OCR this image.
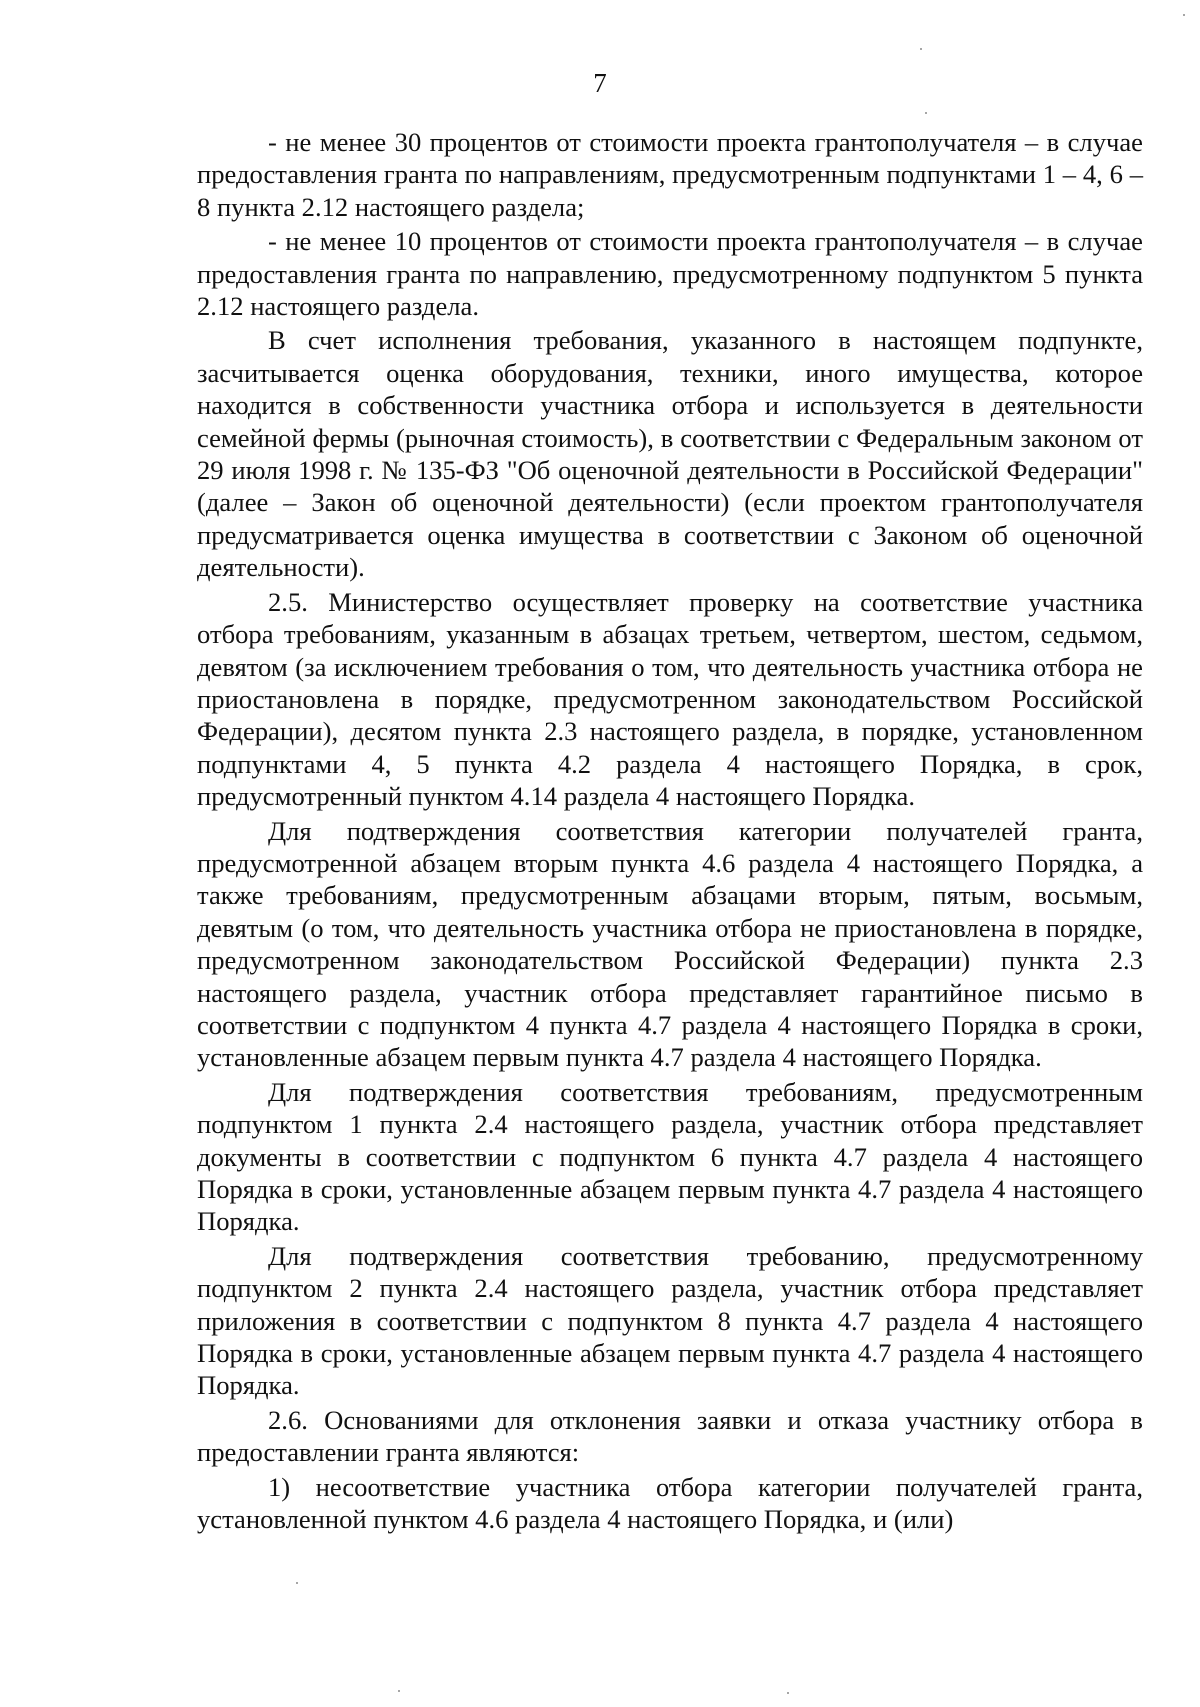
7

- не менее 30 процентов от стоимости проекта грантополучателя – в случае предоставления гранта по направлениям, предусмотренным подпунктами 1 – 4, 6 – 8 пункта 2.12 настоящего раздела;

- не менее 10 процентов от стоимости проекта грантополучателя – в случае предоставления гранта по направлению, предусмотренному подпунктом 5 пункта 2.12 настоящего раздела.

В счет исполнения требования, указанного в настоящем подпункте, засчитывается оценка оборудования, техники, иного имущества, которое находится в собственности участника отбора и используется в деятельности семейной фермы (рыночная стоимость), в соответствии с Федеральным законом от 29 июля 1998 г. № 135-ФЗ "Об оценочной деятельности в Российской Федерации" (далее – Закон об оценочной деятельности) (если проектом грантополучателя предусматривается оценка имущества в соответствии с Законом об оценочной деятельности).

2.5. Министерство осуществляет проверку на соответствие участника отбора требованиям, указанным в абзацах третьем, четвертом, шестом, седьмом, девятом (за исключением требования о том, что деятельность участника отбора не приостановлена в порядке, предусмотренном законодательством Российской Федерации), десятом пункта 2.3 настоящего раздела, в порядке, установленном подпунктами 4, 5 пункта 4.2 раздела 4 настоящего Порядка, в срок, предусмотренный пунктом 4.14 раздела 4 настоящего Порядка.

Для подтверждения соответствия категории получателей гранта, предусмотренной абзацем вторым пункта 4.6 раздела 4 настоящего Порядка, а также требованиям, предусмотренным абзацами вторым, пятым, восьмым, девятым (о том, что деятельность участника отбора не приостановлена в порядке, предусмотренном законодательством Российской Федерации) пункта 2.3 настоящего раздела, участник отбора представляет гарантийное письмо в соответствии с подпунктом 4 пункта 4.7 раздела 4 настоящего Порядка в сроки, установленные абзацем первым пункта 4.7 раздела 4 настоящего Порядка.

Для подтверждения соответствия требованиям, предусмотренным подпунктом 1 пункта 2.4 настоящего раздела, участник отбора представляет документы в соответствии с подпунктом 6 пункта 4.7 раздела 4 настоящего Порядка в сроки, установленные абзацем первым пункта 4.7 раздела 4 настоящего Порядка.

Для подтверждения соответствия требованию, предусмотренному подпунктом 2 пункта 2.4 настоящего раздела, участник отбора представляет приложения в соответствии с подпунктом 8 пункта 4.7 раздела 4 настоящего Порядка в сроки, установленные абзацем первым пункта 4.7 раздела 4 настоящего Порядка.

2.6. Основаниями для отклонения заявки и отказа участнику отбора в предоставлении гранта являются:

1) несоответствие участника отбора категории получателей гранта, установленной пунктом 4.6 раздела 4 настоящего Порядка, и (или)
